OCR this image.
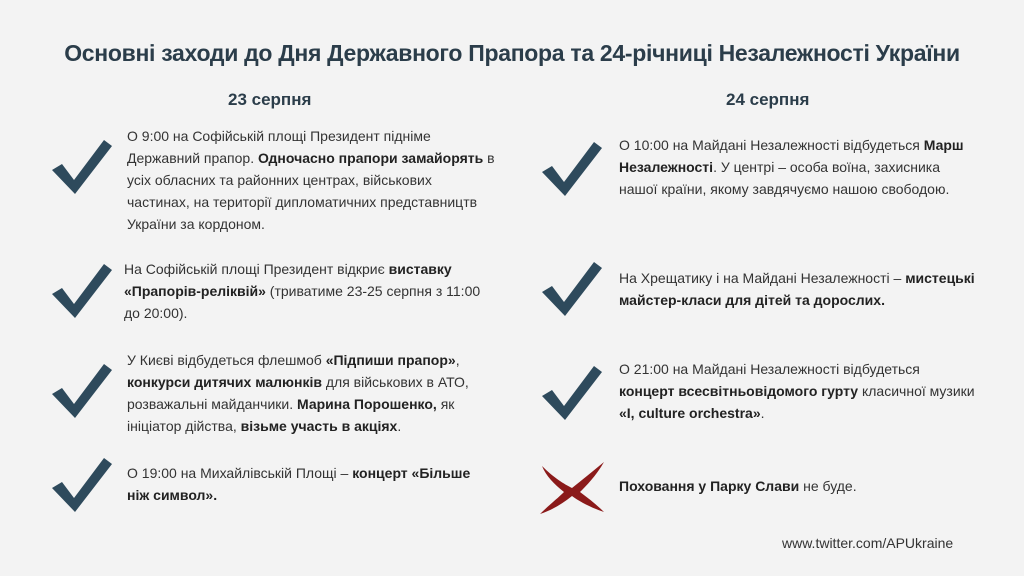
Основні заходи до Дня Державного Прапора та 24-річниці Незалежності України
23 серпня	24 серпня
О 9:00 на Софійській площі Президент підніме Державний прапор. Одночасно прапори замайорять в усіх обласних та районних центрах, військових частинах, на території дипломатичних представництв України за кордоном.
На Софійській площі Президент відкриє виставку «Прапорів-реліквій» (триватиме 23-25 серпня з 11:00 до 20:00).
У Києві відбудеться флешмоб «Підпиши прапор», конкурси дитячих малюнків для військових в АТО, розважальні майданчики. Марина Порошенко, як ініціатор дійства, візьме участь в акціях.
О 19:00 на Михайлівській Площі – концерт «Більше ніж символ».
О 10:00 на Майдані Незалежності відбудеться Марш Незалежності. У центрі – особа воїна, захисника нашої країни, якому завдячуємо нашою свободою.
На Хрещатику і на Майдані Незалежності – мистецькі майстер-класи для дітей та дорослих.
О 21:00 на Майдані Незалежності відбудеться концерт всесвітньовідомого гурту класичної музики «I, culture orchestra».
Поховання у Парку Слави не буде.
www.twitter.com/APUkraine
